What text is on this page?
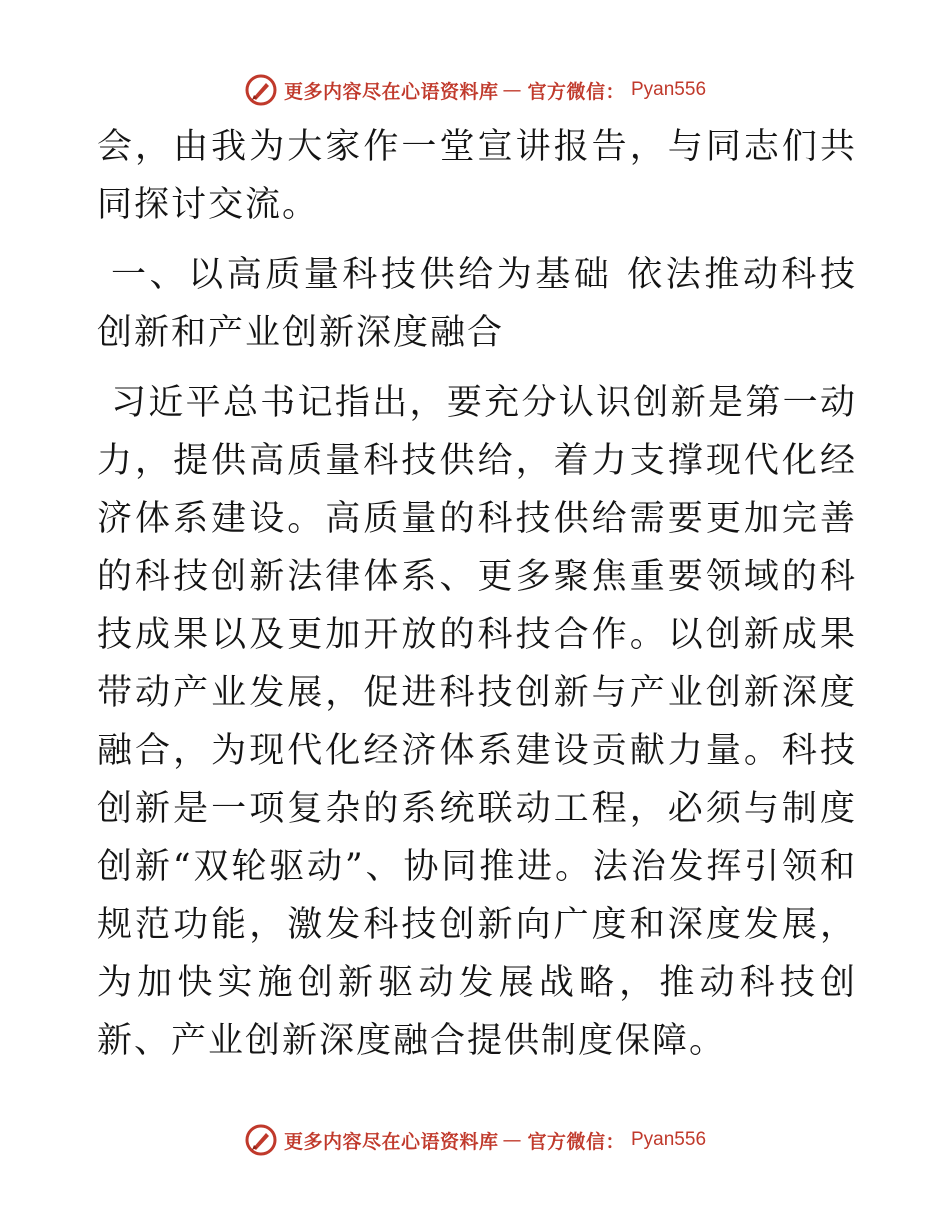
更多内容尽在心语资料库 — 官方微信： Pyan556

会，由我为大家作一堂宣讲报告，与同志们共同探讨交流。

一、以高质量科技供给为基础 依法推动科技创新和产业创新深度融合

习近平总书记指出，要充分认识创新是第一动力，提供高质量科技供给，着力支撑现代化经济体系建设。高质量的科技供给需要更加完善的科技创新法律体系、更多聚焦重要领域的科技成果以及更加开放的科技合作。以创新成果带动产业发展，促进科技创新与产业创新深度融合，为现代化经济体系建设贡献力量。科技创新是一项复杂的系统联动工程，必须与制度创新“双轮驱动”、协同推进。法治发挥引领和规范功能，激发科技创新向广度和深度发展，为加快实施创新驱动发展战略，推动科技创新、产业创新深度融合提供制度保障。

更多内容尽在心语资料库 — 官方微信： Pyan556
